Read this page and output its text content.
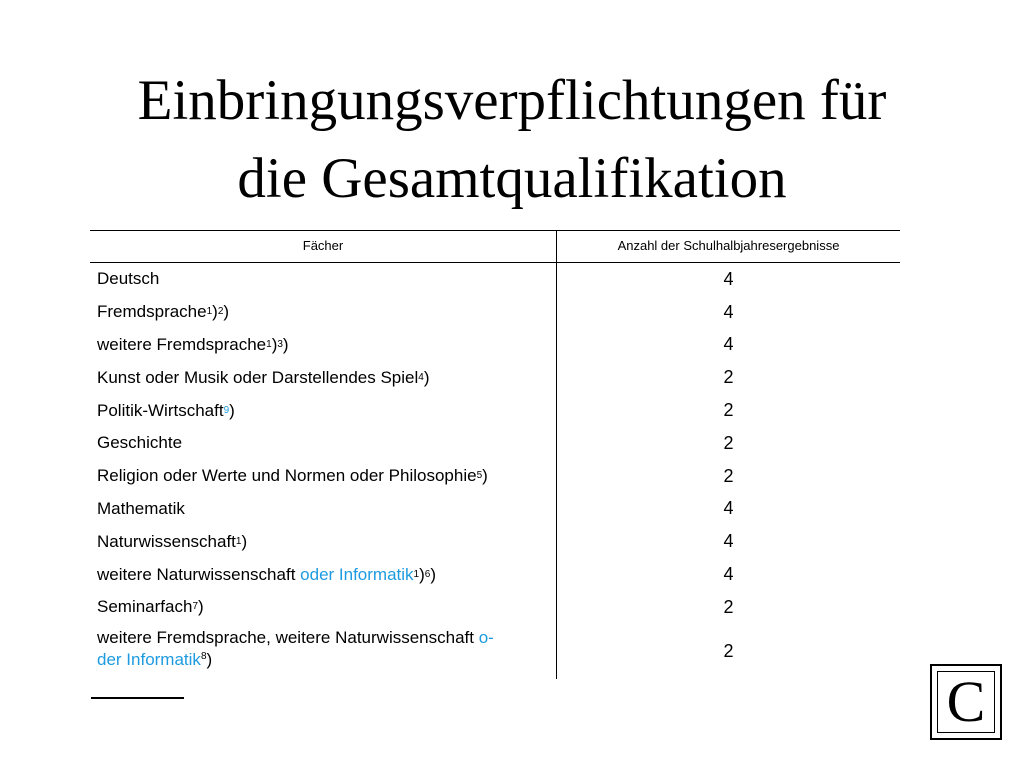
Einbringungsverpflichtungen für
die Gesamtqualifikation
Fächer	Anzahl der Schulhalbjahresergebnisse
Deutsch	4
Fremdsprache 1 ) 2 )	4
weitere Fremdsprache 1 ) 3 )	4
Kunst oder Musik oder Darstellendes Spiel 4 )	2
Politik-Wirtschaft 9 )	2
Geschichte	2
Religion oder Werte und Normen oder Philosophie 5 )	2
Mathematik	4
Naturwissenschaft 1 )	4
weitere Naturwissenschaft
oder Informatik 1 ) 6 )	4
Seminarfach 7 )	2
weitere Fremdsprache, weitere Naturwissenschaft o-
der Informatik$^8$)	2
C
